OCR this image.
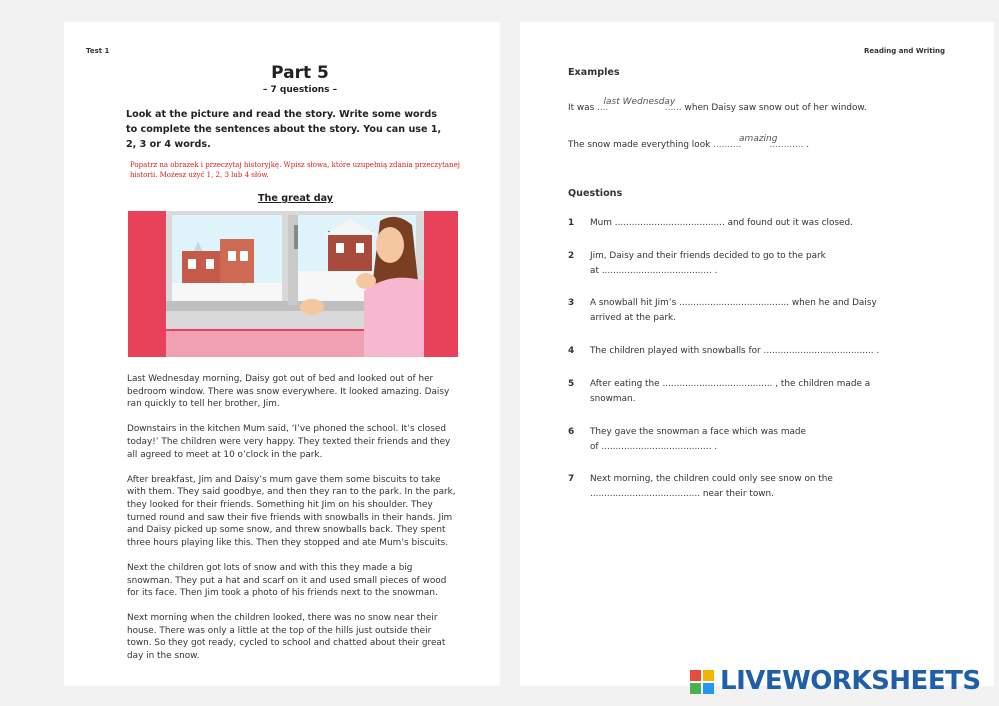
Test 1	Reading and Writing
Part 5
– 7 questions –
Look at the picture and read the story. Write some words to complete the sentences about the story. You can use 1, 2, 3 or 4 words.
Popatrz na obrazek i przeczytaj historyjkę. Wpisz słowa, które uzupełnią zdania przeczytanej historii. Możesz użyć 1, 2, 3 lub 4 słów.
The great day

Last Wednesday morning, Daisy got out of bed and looked out of her bedroom window. There was snow everywhere. It looked amazing. Daisy ran quickly to tell her brother, Jim.

Downstairs in the kitchen Mum said, ‘I’ve phoned the school. It’s closed today!’ The children were very happy. They texted their friends and they all agreed to meet at 10 o’clock in the park.

After breakfast, Jim and Daisy’s mum gave them some biscuits to take with them. They said goodbye, and then they ran to the park. In the park, they looked for their friends. Something hit Jim on his shoulder. They turned round and saw their five friends with snowballs in their hands. Jim and Daisy picked up some snow, and threw snowballs back. They spent three hours playing like this. Then they stopped and ate Mum’s biscuits.

Next the children got lots of snow and with this they made a big snowman. They put a hat and scarf on it and used small pieces of wood for its face. Then Jim took a photo of his friends next to the snowman.

Next morning when the children looked, there was no snow near their house. There was only a little at the top of the hills just outside their town. So they got ready, cycled to school and chatted about their great day in the snow.

Examples
It was ....
last Wednesday
...... when Daisy saw snow out of her window.
The snow made everything look ..........
amazing
............ .
Questions
1 Mum ....................................... and found out it was closed.
2 Jim, Daisy and their friends decided to go to the park
at ....................................... .
3 A snowball hit Jim’s ....................................... when he and Daisy
arrived at the park.
4 The children played with snowballs for ....................................... .
5 After eating the ....................................... , the children made a
snowman.
6 They gave the snowman a face which was made
of ....................................... .
7 Next morning, the children could only see snow on the
....................................... near their town.
LIVEWORKSHEETS
